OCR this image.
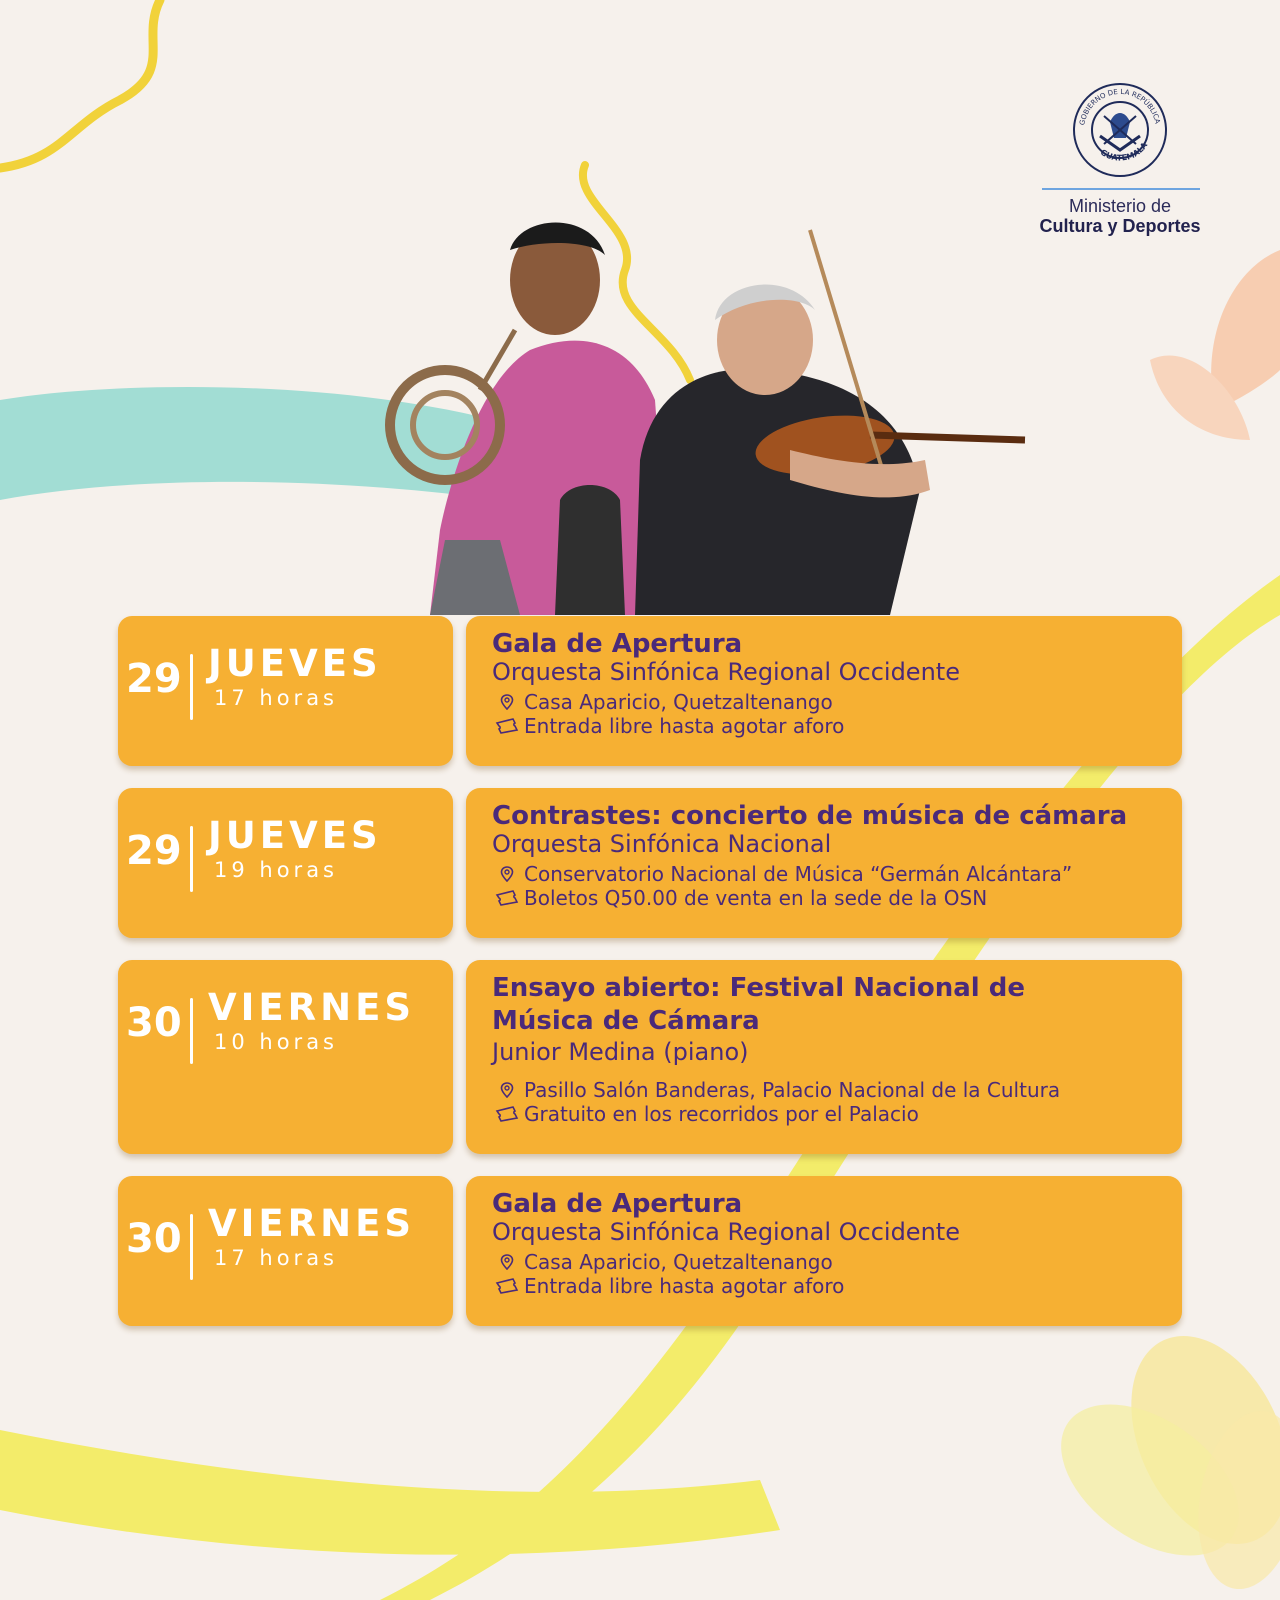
GOBIERNO DE LA REPÚBLICA
GUATEMALA
Ministerio de
Cultura y Deportes
29 JUEVES
17 horas
Gala de Apertura
Orquesta Sinfónica Regional Occidente
Casa Aparicio, Quetzaltenango
Entrada libre hasta agotar aforo
29 JUEVES
19 horas
Contrastes: concierto de música de cámara
Orquesta Sinfónica Nacional
Conservatorio Nacional de Música “Germán Alcántara”
Boletos Q50.00 de venta en la sede de la OSN
30 VIERNES
10 horas
Ensayo abierto: Festival Nacional de
Música de Cámara
Junior Medina (piano)
Pasillo Salón Banderas, Palacio Nacional de la Cultura
Gratuito en los recorridos por el Palacio
30 VIERNES
17 horas
Gala de Apertura
Orquesta Sinfónica Regional Occidente
Casa Aparicio, Quetzaltenango
Entrada libre hasta agotar aforo
